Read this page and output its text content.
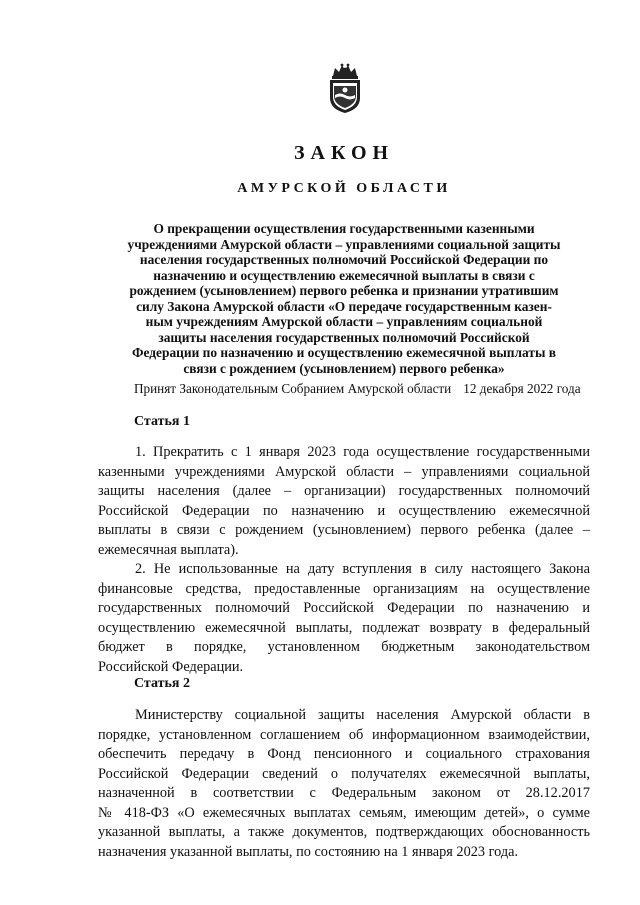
ЗАКОН
АМУРСКОЙ ОБЛАСТИ
О прекращении осуществления государственными казенными
учреждениями Амурской области – управлениями социальной защиты
населения государственных полномочий Российской Федерации по
назначению и осуществлению ежемесячной выплаты в связи с
рождением (усыновлением) первого ребенка и признании утратившим
силу Закона Амурской области «О передаче государственным казен-
ным учреждениям Амурской области – управлениям социальной
защиты населения государственных полномочий Российской
Федерации по назначению и осуществлению ежемесячной выплаты в
связи с рождением (усыновлением) первого ребенка»
Принят Законодательным Собранием Амурской области 12 декабря 2022 года
Статья 1
1. Прекратить с 1 января 2023 года осуществление государственными
казенными учреждениями Амурской области – управлениями социальной
защиты населения (далее – организации) государственных полномочий
Российской Федерации по назначению и осуществлению ежемесячной
выплаты в связи с рождением (усыновлением) первого ребенка (далее –
ежемесячная выплата).
2. Не использованные на дату вступления в силу настоящего Закона
финансовые средства, предоставленные организациям на осуществление
государственных полномочий Российской Федерации по назначению и
осуществлению ежемесячной выплаты, подлежат возврату в федеральный
бюджет в порядке, установленном бюджетным законодательством
Российской Федерации.
Статья 2
Министерству социальной защиты населения Амурской области в
порядке, установленном соглашением об информационном взаимодействии,
обеспечить передачу в Фонд пенсионного и социального страхования
Российской Федерации сведений о получателях ежемесячной выплаты,
назначенной в соответствии с Федеральным законом от 28.12.2017
№ 418-ФЗ «О ежемесячных выплатах семьям, имеющим детей», о сумме
указанной выплаты, а также документов, подтверждающих обоснованность
назначения указанной выплаты, по состоянию на 1 января 2023 года.
